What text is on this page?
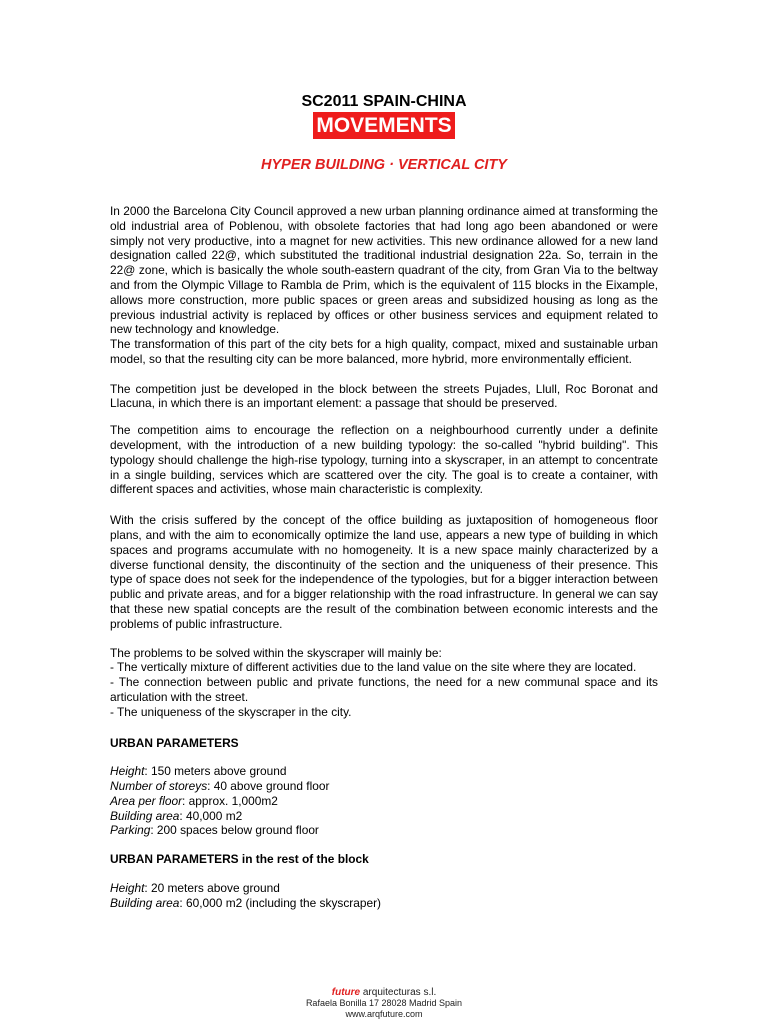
SC2011 SPAIN-CHINA
MOVEMENTS
HYPER BUILDING · VERTICAL CITY

In 2000 the Barcelona City Council approved a new urban planning ordinance aimed at transforming the old industrial area of Poblenou, with obsolete factories that had long ago been abandoned or were simply not very productive, into a magnet for new activities. This new ordinance allowed for a new land designation called 22@, which substituted the traditional industrial designation 22a. So, terrain in the 22@ zone, which is basically the whole south-eastern quadrant of the city, from Gran Via to the beltway and from the Olympic Village to Rambla de Prim, which is the equivalent of 115 blocks in the Eixample, allows more construction, more public spaces or green areas and subsidized housing as long as the previous industrial activity is replaced by offices or other business services and equipment related to new technology and knowledge.

The transformation of this part of the city bets for a high quality, compact, mixed and sustainable urban model, so that the resulting city can be more balanced, more hybrid, more environmentally efficient.

The competition just be developed in the block between the streets Pujades, Llull, Roc Boronat and Llacuna, in which there is an important element: a passage that should be preserved.

The competition aims to encourage the reflection on a neighbourhood currently under a definite development, with the introduction of a new building typology: the so-called "hybrid building". This typology should challenge the high-rise typology, turning into a skyscraper, in an attempt to concentrate in a single building, services which are scattered over the city. The goal is to create a container, with different spaces and activities, whose main characteristic is complexity.

With the crisis suffered by the concept of the office building as juxtaposition of homogeneous floor plans, and with the aim to economically optimize the land use, appears a new type of building in which spaces and programs accumulate with no homogeneity. It is a new space mainly characterized by a diverse functional density, the discontinuity of the section and the uniqueness of their presence. This type of space does not seek for the independence of the typologies, but for a bigger interaction between public and private areas, and for a bigger relationship with the road infrastructure. In general we can say that these new spatial concepts are the result of the combination between economic interests and the problems of public infrastructure.

The problems to be solved within the skyscraper will mainly be:

- The vertically mixture of different activities due to the land value on the site where they are located.

- The connection between public and private functions, the need for a new communal space and its articulation with the street.

- The uniqueness of the skyscraper in the city.

URBAN PARAMETERS

Height: 150 meters above ground

Number of storeys: 40 above ground floor

Area per floor: approx. 1,000m2

Building area: 40,000 m2

Parking: 200 spaces below ground floor

URBAN PARAMETERS in the rest of the block

Height: 20 meters above ground

Building area: 60,000 m2 (including the skyscraper)

future arquitecturas s.l.
Rafaela Bonilla 17 28028 Madrid Spain
www.arqfuture.com
